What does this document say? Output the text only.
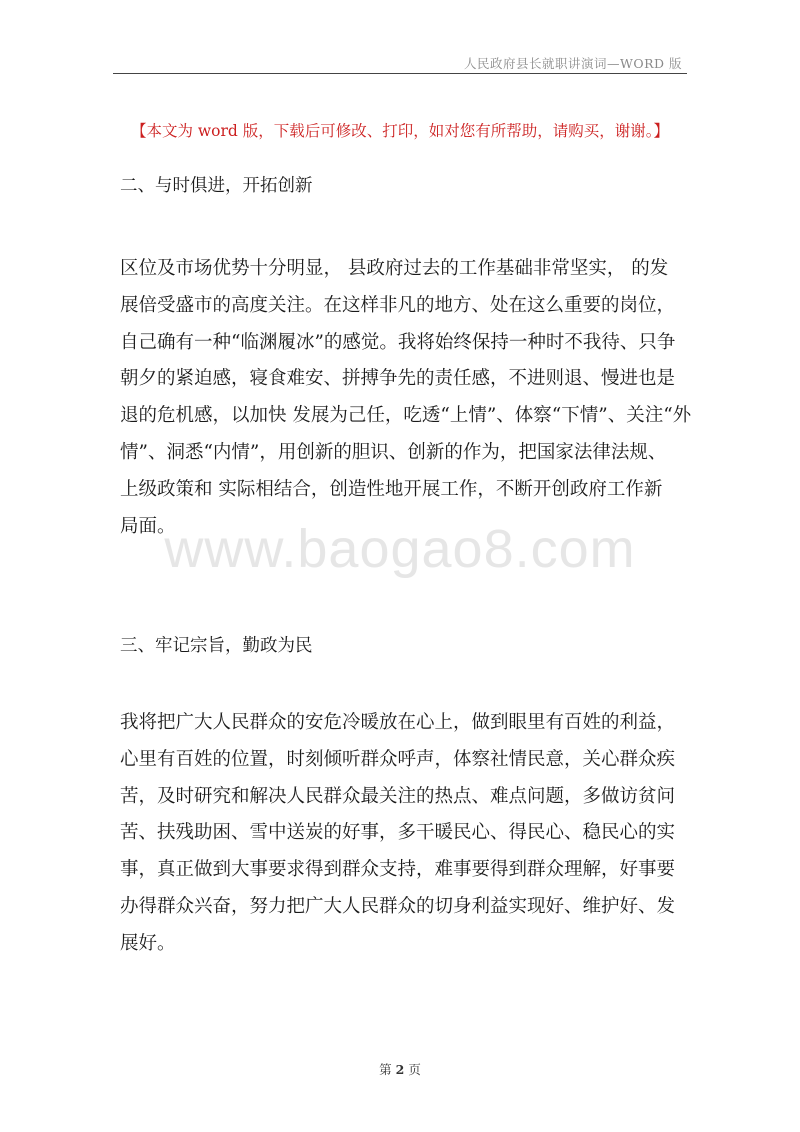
人民政府县长就职讲演词—WORD 版
【本文为 word 版，下载后可修改、打印，如对您有所帮助，请购买，谢谢。】
二、与时俱进，开拓创新
区位及市场优势十分明显， 县政府过去的工作基础非常坚实， 的发
展倍受盛市的高度关注。在这样非凡的地方、处在这么重要的岗位，
自己确有一种“临渊履冰”的感觉。我将始终保持一种时不我待、只争
朝夕的紧迫感，寝食难安、拼搏争先的责任感，不进则退、慢进也是
退的危机感，以加快 发展为己任，吃透“上情”、体察“下情”、关注“外
情”、洞悉“内情”，用创新的胆识、创新的作为，把国家法律法规、
上级政策和 实际相结合，创造性地开展工作，不断开创政府工作新
局面。
三、牢记宗旨，勤政为民
我将把广大人民群众的安危冷暖放在心上，做到眼里有百姓的利益，
心里有百姓的位置，时刻倾听群众呼声，体察社情民意，关心群众疾
苦，及时研究和解决人民群众最关注的热点、难点问题，多做访贫问
苦、扶残助困、雪中送炭的好事，多干暖民心、得民心、稳民心的实
事，真正做到大事要求得到群众支持，难事要得到群众理解，好事要
办得群众兴奋，努力把广大人民群众的切身利益实现好、维护好、发
展好。
www.baogao8.com
第 2 页
